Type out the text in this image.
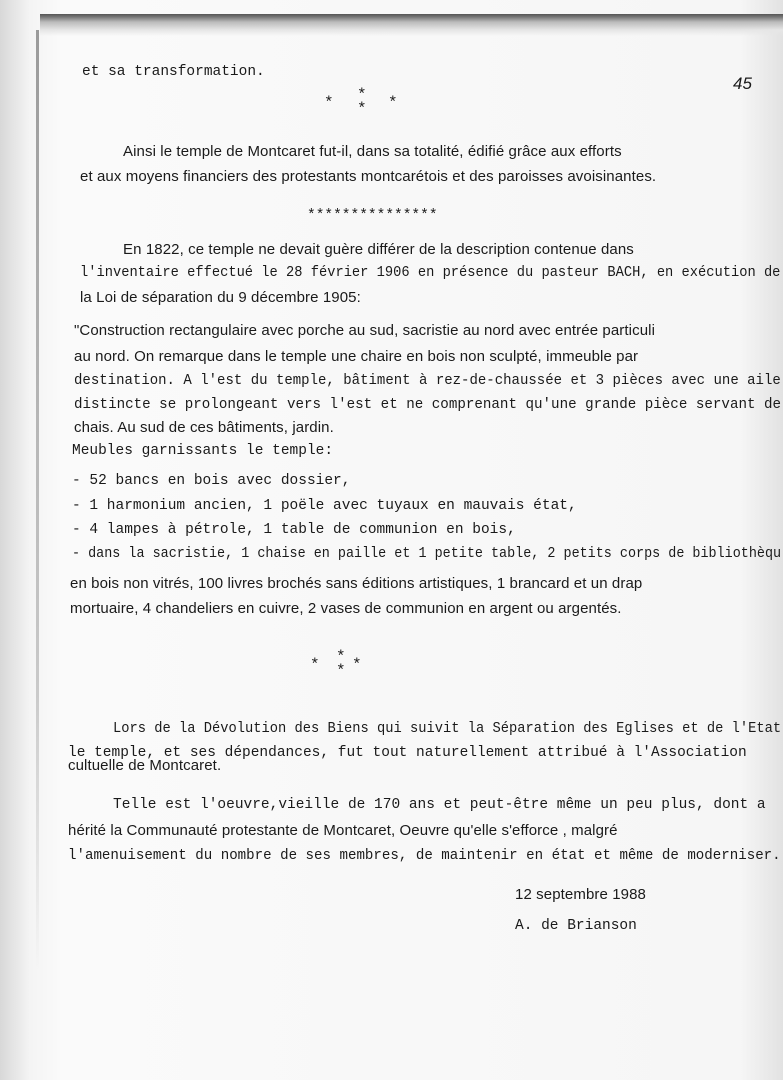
45
et sa transformation.
* *
* *
Ainsi le temple de Montcaret fut-il, dans sa totalité, édifié grâce aux efforts
et aux moyens financiers des protestants montcarétois et des paroisses avoisinantes.
***************
En 1822, ce temple ne devait guère différer de la description contenue dans
l'inventaire effectué le 28 février 1906 en présence du pasteur BACH, en exécution de
la Loi de séparation du 9 décembre 1905:
"Construction rectangulaire avec porche au sud, sacristie au nord avec entrée particuli
au nord. On remarque dans le temple une chaire en bois non sculpté, immeuble par
destination. A l'est du temple, bâtiment à rez-de-chaussée et 3 pièces avec une aile
distincte se prolongeant vers l'est et ne comprenant qu'une grande pièce servant de
chais. Au sud de ces bâtiments, jardin.
Meubles garnissants le temple:
- 52 bancs en bois avec dossier,
- 1 harmonium ancien, 1 poële avec tuyaux en mauvais état,
- 4 lampes à pétrole, 1 table de communion en bois,
- dans la sacristie, 1 chaise en paille et 1 petite table, 2 petits corps de bibliothèqu
en bois non vitrés, 100 livres brochés sans éditions artistiques, 1 brancard et un drap
mortuaire, 4 chandeliers en cuivre, 2 vases de communion en argent ou argentés.
* *
* *
Lors de la Dévolution des Biens qui suivit la Séparation des Eglises et de l'Etat
le temple, et ses dépendances, fut tout naturellement attribué à l'Association
cultuelle de Montcaret.
Telle est l'oeuvre,vieille de 170 ans et peut-être même un peu plus, dont a
hérité la Communauté protestante de Montcaret, Oeuvre qu'elle s'efforce , malgré
l'amenuisement du nombre de ses membres, de maintenir en état et même de moderniser.
12 septembre 1988
A. de Brianson
